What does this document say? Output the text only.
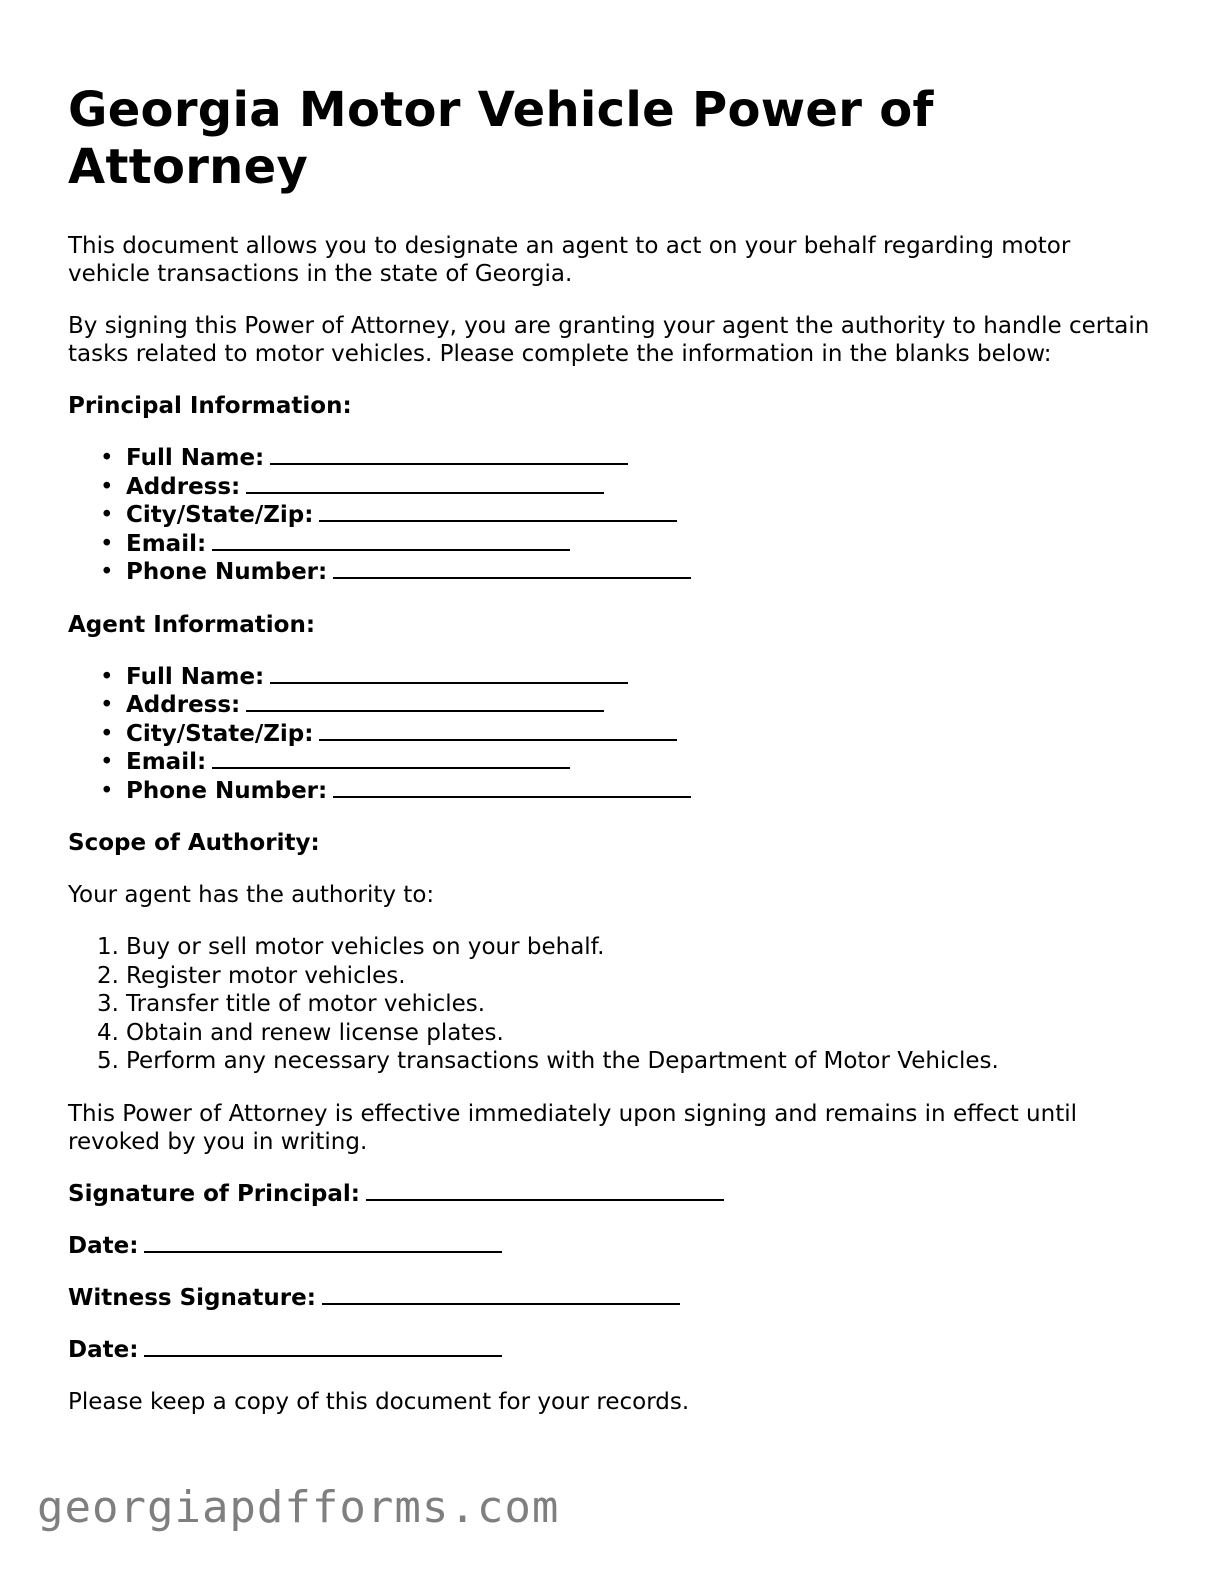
Georgia Motor Vehicle Power of Attorney

This document allows you to designate an agent to act on your behalf regarding motor vehicle transactions in the state of Georgia.

By signing this Power of Attorney, you are granting your agent the authority to handle certain tasks related to motor vehicles. Please complete the information in the blanks below:

Principal Information:
• Full Name:
• Address:
• City/State/Zip:
• Email:
• Phone Number:
Agent Information:
• Full Name:
• Address:
• City/State/Zip:
• Email:
• Phone Number:
Scope of Authority:

Your agent has the authority to:

1. Buy or sell motor vehicles on your behalf.
2. Register motor vehicles.
3. Transfer title of motor vehicles.
4. Obtain and renew license plates.
5. Perform any necessary transactions with the Department of Motor Vehicles.

This Power of Attorney is effective immediately upon signing and remains in effect until revoked by you in writing.

Signature of Principal:
Date:
Witness Signature:
Date:

Please keep a copy of this document for your records.

georgiapdfforms.com
